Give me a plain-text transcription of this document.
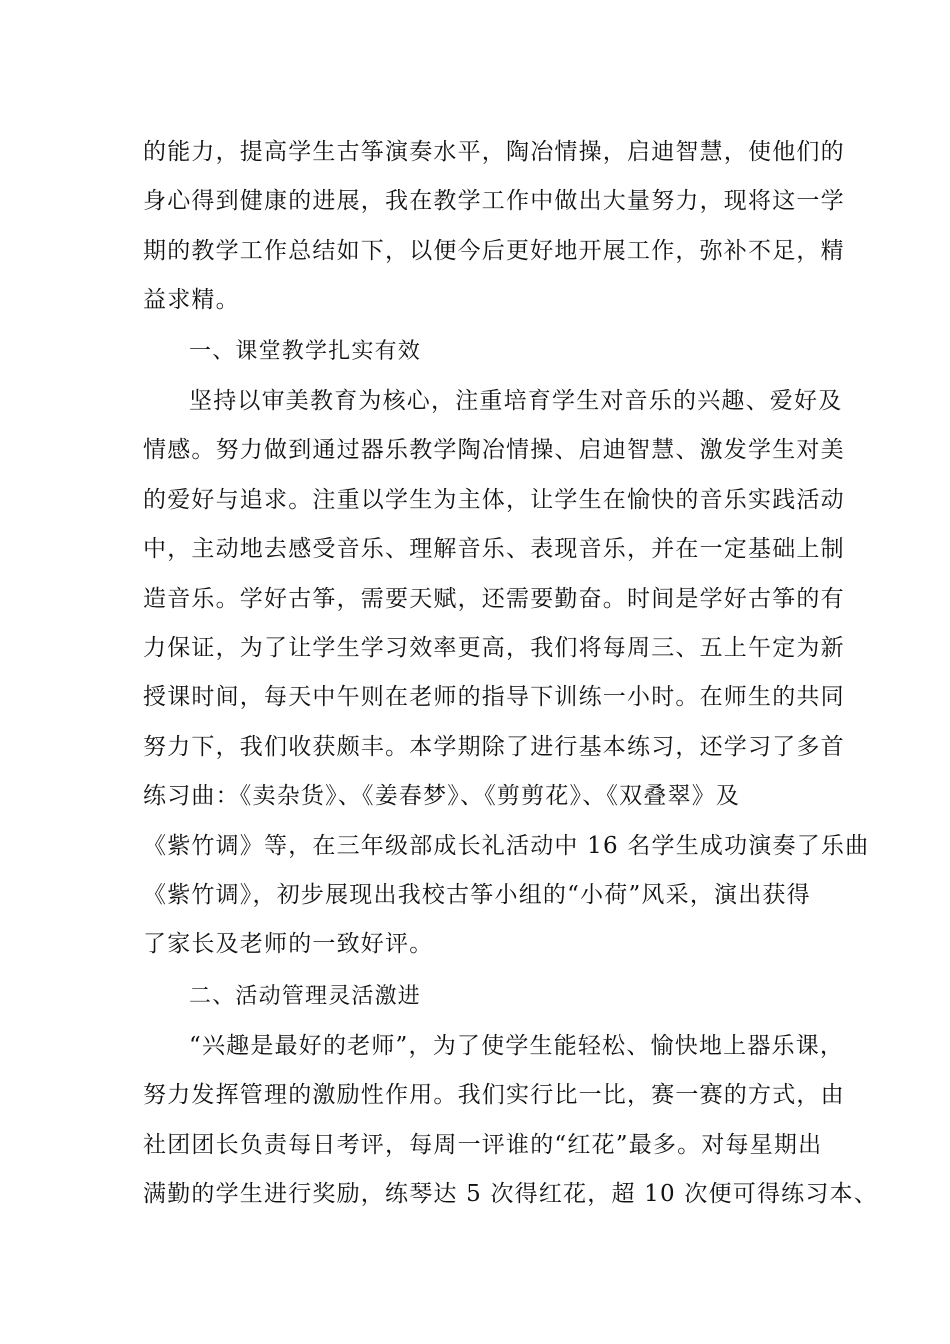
的能力，提高学生古筝演奏水平，陶冶情操，启迪智慧，使他们的
身心得到健康的进展，我在教学工作中做出大量努力，现将这一学
期的教学工作总结如下，以便今后更好地开展工作，弥补不足，精
益求精。
一、课堂教学扎实有效
坚持以审美教育为核心，注重培育学生对音乐的兴趣、爱好及
情感。努力做到通过器乐教学陶冶情操、启迪智慧、激发学生对美
的爱好与追求。注重以学生为主体，让学生在愉快的音乐实践活动
中，主动地去感受音乐、理解音乐、表现音乐，并在一定基础上制
造音乐。学好古筝，需要天赋，还需要勤奋。时间是学好古筝的有
力保证，为了让学生学习效率更高，我们将每周三、五上午定为新
授课时间，每天中午则在老师的指导下训练一小时。在师生的共同
努力下，我们收获颇丰。本学期除了进行基本练习，还学习了多首
练习曲：《卖杂货》、《姜春梦》、《剪剪花》、《双叠翠》及
《紫竹调》等，在三年级部成长礼活动中 16 名学生成功演奏了乐曲
《紫竹调》，初步展现出我校古筝小组的“小荷”风采，演出获得
了家长及老师的一致好评。
二、活动管理灵活激进
“兴趣是最好的老师”，为了使学生能轻松、愉快地上器乐课，
努力发挥管理的激励性作用。我们实行比一比，赛一赛的方式，由
社团团长负责每日考评，每周一评谁的“红花”最多。对每星期出
满勤的学生进行奖励，练琴达 5 次得红花，超 10 次便可得练习本、
